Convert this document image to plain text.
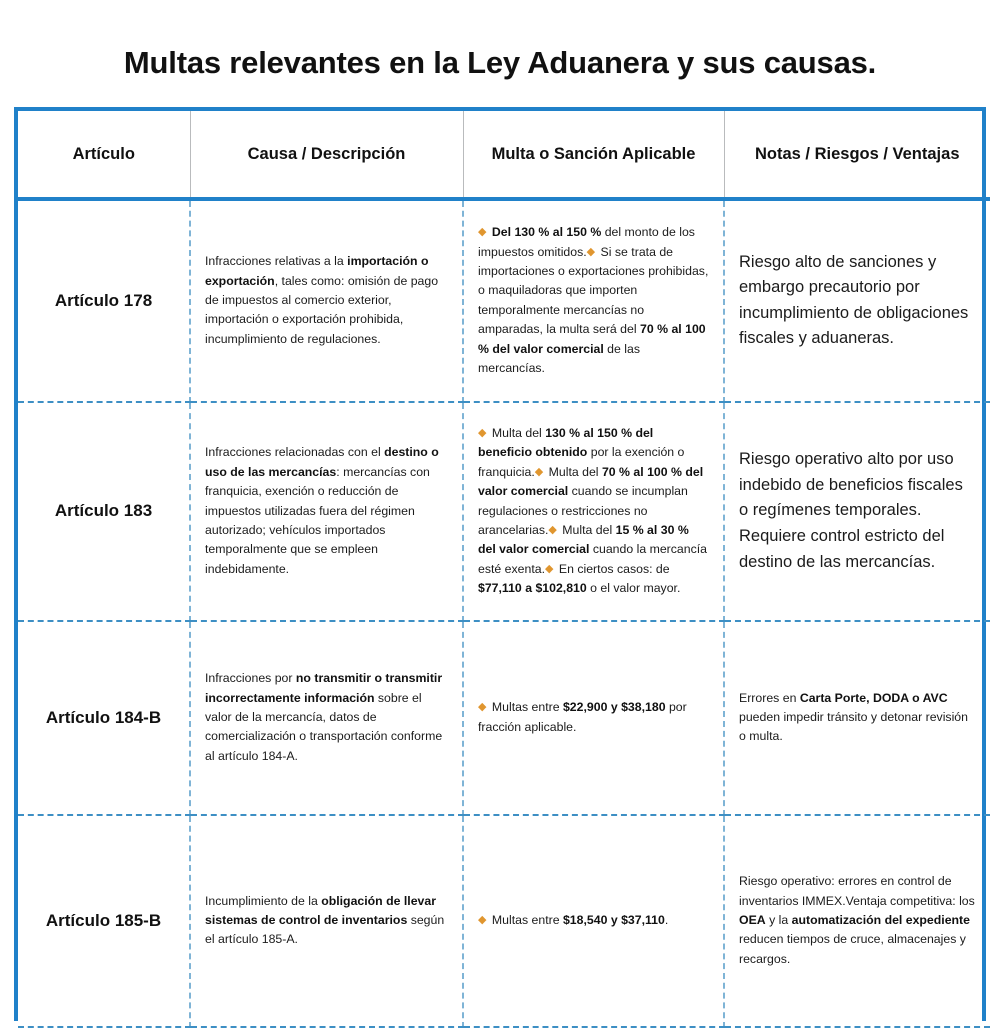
Multas relevantes en la Ley Aduanera y sus causas.
Artículo	Causa / Descripción	Multa o Sanción Aplicable	Notas / Riesgos / Ventajas
Artículo 178	Infracciones relativas a la importación o exportación, tales como: omisión de pago de impuestos al comercio exterior, importación o exportación prohibida, incumplimiento de regulaciones.	◆ Del 130 % al 150 % del monto de los impuestos omitidos.◆ Si se trata de importaciones o exportaciones prohibidas, o maquiladoras que importen temporalmente mercancías no amparadas, la multa será del 70 % al 100 % del valor comercial de las mercancías.	Riesgo alto de sanciones y embargo precautorio por incumplimiento de obligaciones fiscales y aduaneras.
Artículo 183	Infracciones relacionadas con el destino o uso de las mercancías: mercancías con franquicia, exención o reducción de impuestos utilizadas fuera del régimen autorizado; vehículos importados temporalmente que se empleen indebidamente.	◆ Multa del 130 % al 150 % del beneficio obtenido por la exención o franquicia.◆ Multa del 70 % al 100 % del valor comercial cuando se incumplan regulaciones o restricciones no arancelarias.◆ Multa del 15 % al 30 % del valor comercial cuando la mercancía esté exenta.◆ En ciertos casos: de $77,110 a $102,810 o el valor mayor.	Riesgo operativo alto por uso indebido de beneficios fiscales o regímenes temporales. Requiere control estricto del destino de las mercancías.
Artículo 184-B	Infracciones por no transmitir o transmitir incorrectamente información sobre el valor de la mercancía, datos de comercialización o transportación conforme al artículo 184-A.	◆ Multas entre $22,900 y $38,180 por fracción aplicable.	Errores en Carta Porte, DODA o AVC pueden impedir tránsito y detonar revisión o multa.
Artículo 185-B	Incumplimiento de la obligación de llevar sistemas de control de inventarios según el artículo 185-A.	◆ Multas entre $18,540 y $37,110.	Riesgo operativo: errores en control de inventarios IMMEX.Ventaja competitiva: los OEA y la automatización del expediente reducen tiempos de cruce, almacenajes y recargos.
